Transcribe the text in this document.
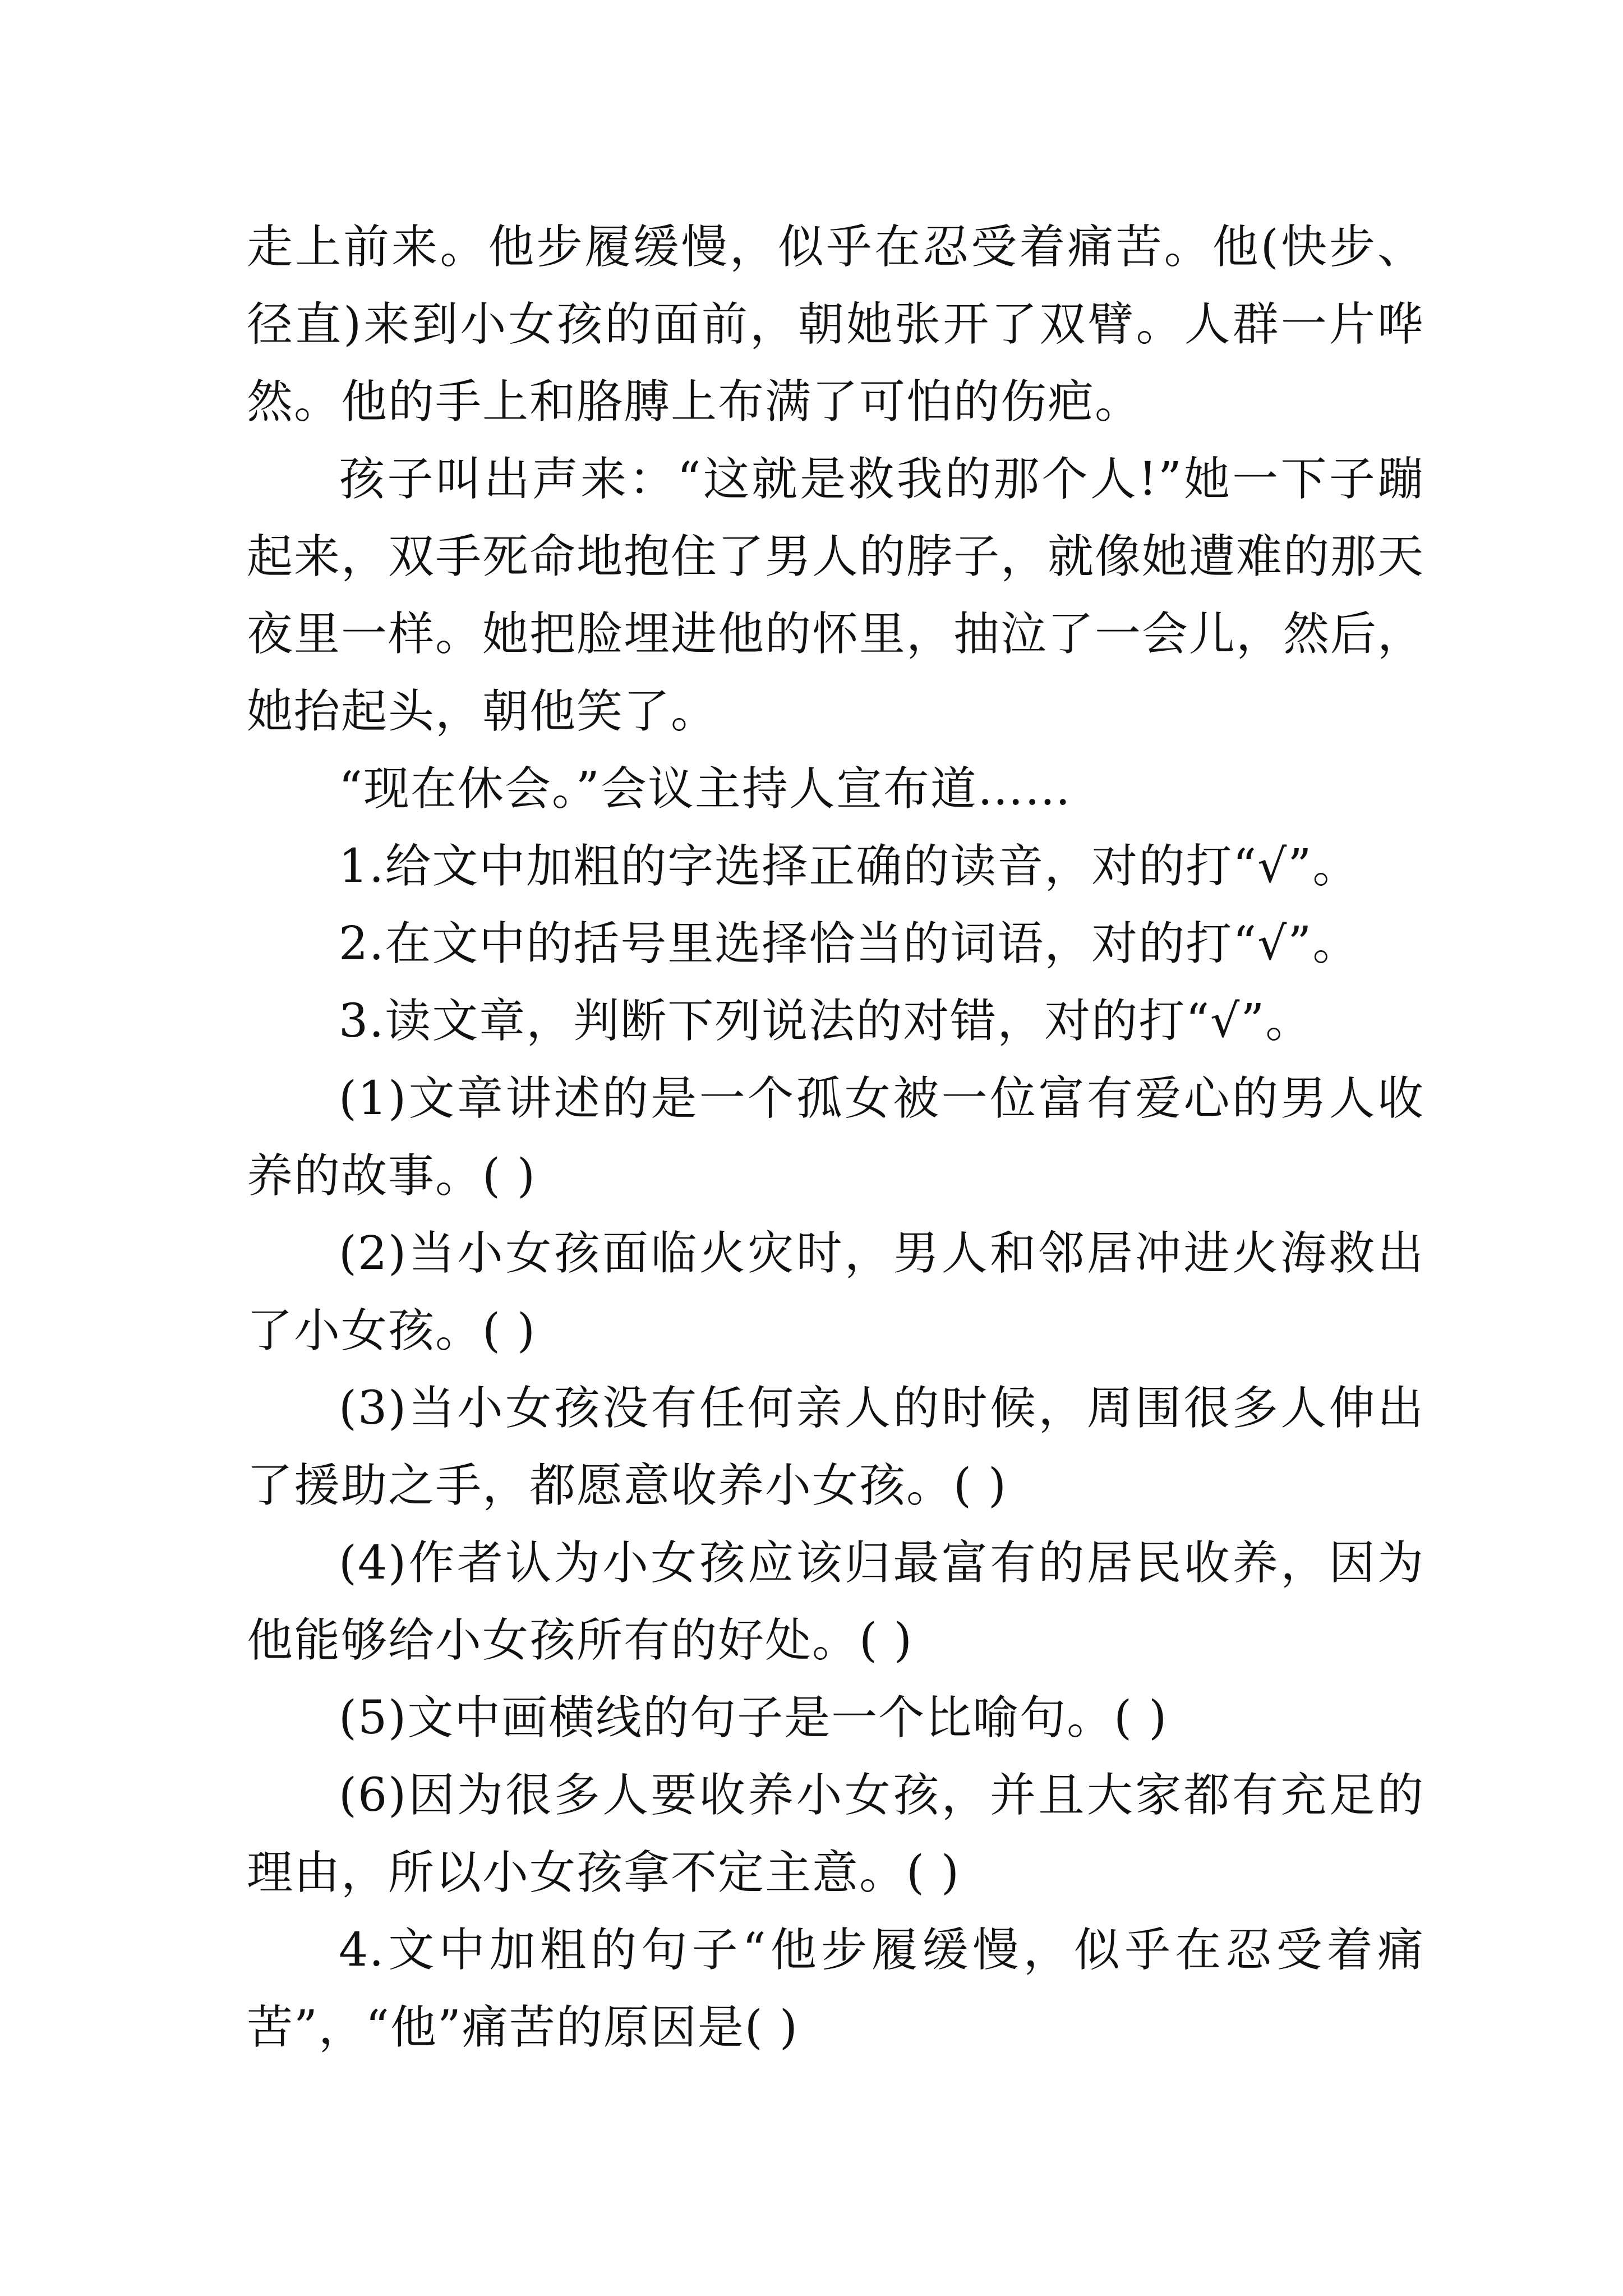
走上前来。他步履缓慢，似乎在忍受着痛苦。他(快步、径直)来到小女孩的面前，朝她张开了双臂。人群一片哗然。他的手上和胳膊上布满了可怕的伤疤。

孩子叫出声来：“这就是救我的那个人!”她一下子蹦起来，双手死命地抱住了男人的脖子，就像她遭难的那天夜里一样。她把脸埋进他的怀里，抽泣了一会儿，然后，她抬起头，朝他笑了。

“现在休会。”会议主持人宣布道……

1.给文中加粗的字选择正确的读音，对的打“√”。

2.在文中的括号里选择恰当的词语，对的打“√”。

3.读文章，判断下列说法的对错，对的打“√”。

(1)文章讲述的是一个孤女被一位富有爱心的男人收养的故事。( )

(2)当小女孩面临火灾时，男人和邻居冲进火海救出了小女孩。( )

(3)当小女孩没有任何亲人的时候，周围很多人伸出了援助之手，都愿意收养小女孩。( )

(4)作者认为小女孩应该归最富有的居民收养，因为他能够给小女孩所有的好处。( )

(5)文中画横线的句子是一个比喻句。( )

(6)因为很多人要收养小女孩，并且大家都有充足的理由，所以小女孩拿不定主意。( )

4.文中加粗的句子“他步履缓慢，似乎在忍受着痛苦”，“他”痛苦的原因是( )
